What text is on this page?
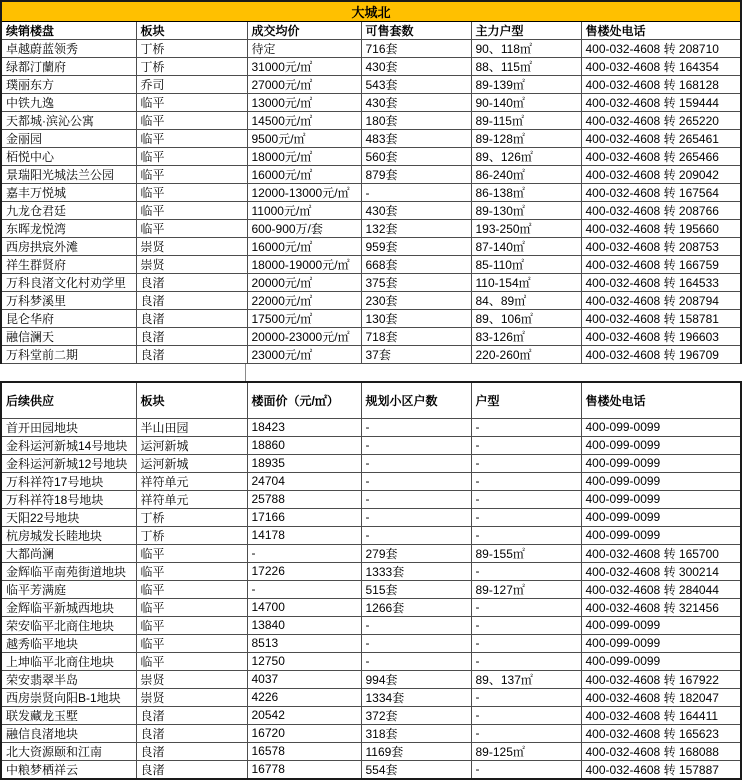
大城北					
续销楼盘	板块	成交均价	可售套数	主力户型	售楼处电话
卓越蔚蓝领秀	丁桥	待定	716套	90、118㎡	400-032-4608 转 208710
绿都汀蘭府	丁桥	31000元/㎡	430套	88、115㎡	400-032-4608 转 164354
璞丽东方	乔司	27000元/㎡	543套	89-139㎡	400-032-4608 转 168128
中铁九逸	临平	13000元/㎡	430套	90-140㎡	400-032-4608 转 159444
天都城·滨沁公寓	临平	14500元/㎡	180套	89-115㎡	400-032-4608 转 265220
金丽园	临平	9500元/㎡	483套	89-128㎡	400-032-4608 转 265461
栢悦中心	临平	18000元/㎡	560套	89、126㎡	400-032-4608 转 265466
景瑞阳光城法兰公园	临平	16000元/㎡	879套	86-240㎡	400-032-4608 转 209042
嘉丰万悦城	临平	12000-13000元/㎡	-	86-138㎡	400-032-4608 转 167564
九龙仓君廷	临平	11000元/㎡	430套	89-130㎡	400-032-4608 转 208766
东晖龙悦湾	临平	600-900万/套	132套	193-250㎡	400-032-4608 转 195660
西房拱宸外滩	崇贤	16000元/㎡	959套	87-140㎡	400-032-4608 转 208753
祥生群贤府	崇贤	18000-19000元/㎡	668套	85-110㎡	400-032-4608 转 166759
万科良渚文化村劝学里	良渚	20000元/㎡	375套	110-154㎡	400-032-4608 转 164533
万科梦溪里	良渚	22000元/㎡	230套	84、89㎡	400-032-4608 转 208794
昆仑华府	良渚	17500元/㎡	130套	89、106㎡	400-032-4608 转 158781
融信澜天	良渚	20000-23000元/㎡	718套	83-126㎡	400-032-4608 转 196603
万科堂前二期	良渚	23000元/㎡	37套	220-260㎡	400-032-4608 转 196709
后续供应	板块	楼面价（元/㎡）	规划小区户数	户型	售楼处电话
首开田园地块	半山田园	18423	-	-	400-099-0099
金科运河新城14号地块	运河新城	18860	-	-	400-099-0099
金科运河新城12号地块	运河新城	18935	-	-	400-099-0099
万科祥符17号地块	祥符单元	24704	-	-	400-099-0099
万科祥符18号地块	祥符单元	25788	-	-	400-099-0099
天阳22号地块	丁桥	17166	-	-	400-099-0099
杭房城发长睦地块	丁桥	14178	-	-	400-099-0099
大都尚澜	临平	-	279套	89-155㎡	400-032-4608 转 165700
金辉临平南苑街道地块	临平	17226	1333套	-	400-032-4608 转 300214
临平芳满庭	临平	-	515套	89-127㎡	400-032-4608 转 284044
金辉临平新城西地块	临平	14700	1266套	-	400-032-4608 转 321456
荣安临平北商住地块	临平	13840	-	-	400-099-0099
越秀临平地块	临平	8513	-	-	400-099-0099
上坤临平北商住地块	临平	12750	-	-	400-099-0099
荣安翡翠半岛	崇贤	4037	994套	89、137㎡	400-032-4608 转 167922
西房崇贤向阳B-1地块	崇贤	4226	1334套	-	400-032-4608 转 182047
联发藏龙玉墅	良渚	20542	372套	-	400-032-4608 转 164411
融信良渚地块	良渚	16720	318套	-	400-032-4608 转 165623
北大资源颐和江南	良渚	16578	1169套	89-125㎡	400-032-4608 转 168088
中粮梦栖祥云	良渚	16778	554套	-	400-032-4608 转 157887
